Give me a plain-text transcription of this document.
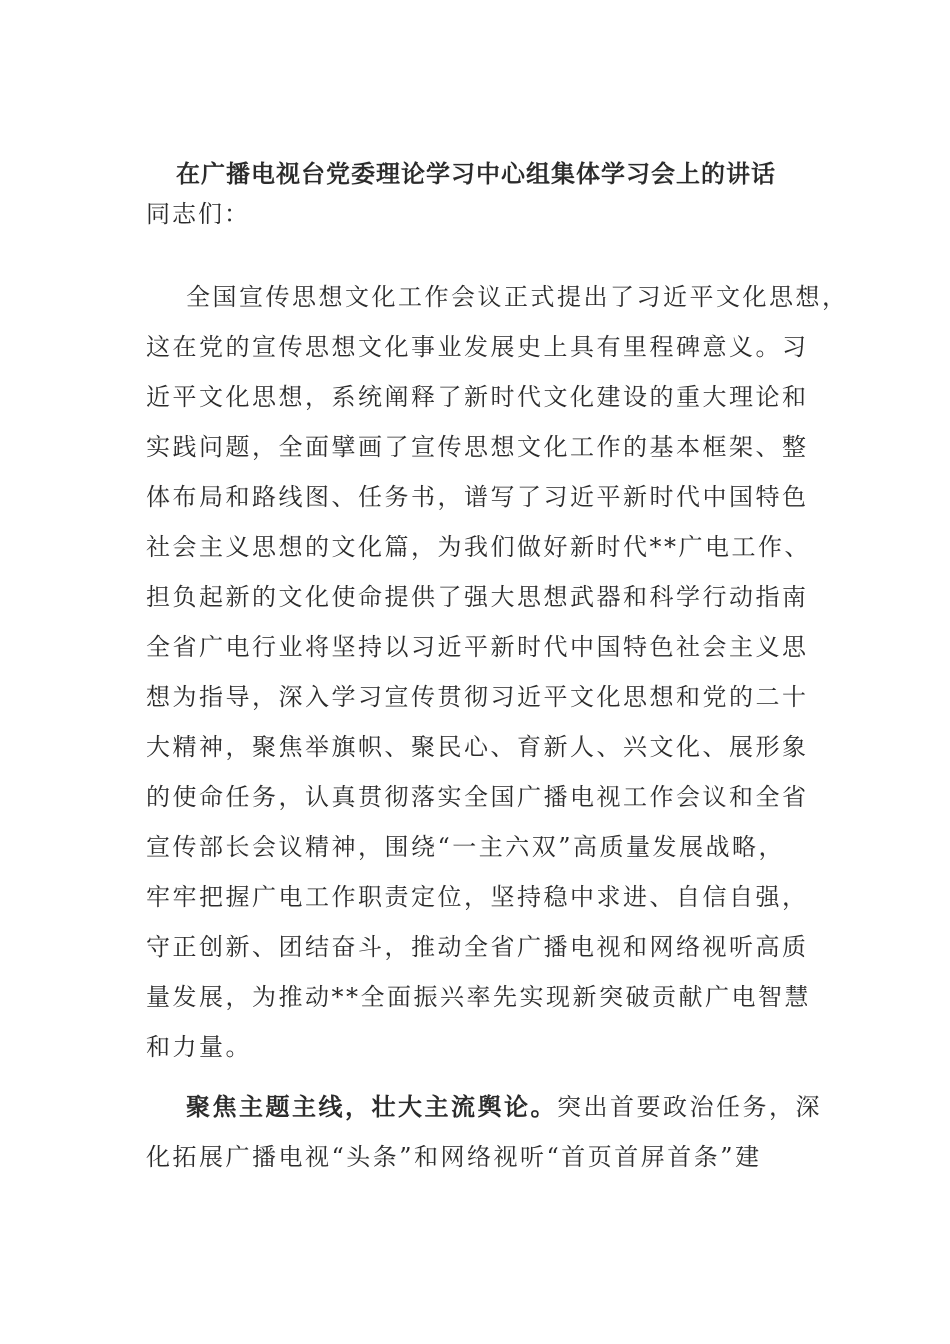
在广播电视台党委理论学习中心组集体学习会上的讲话
同志们：
全国宣传思想文化工作会议正式提出了习近平文化思想，
这在党的宣传思想文化事业发展史上具有里程碑意义。习
近平文化思想，系统阐释了新时代文化建设的重大理论和
实践问题，全面擘画了宣传思想文化工作的基本框架、整
体布局和路线图、任务书，谱写了习近平新时代中国特色
社会主义思想的文化篇，为我们做好新时代**广电工作、
担负起新的文化使命提供了强大思想武器和科学行动指南
全省广电行业将坚持以习近平新时代中国特色社会主义思
想为指导，深入学习宣传贯彻习近平文化思想和党的二十
大精神，聚焦举旗帜、聚民心、育新人、兴文化、展形象
的使命任务，认真贯彻落实全国广播电视工作会议和全省
宣传部长会议精神，围绕“一主六双”高质量发展战略，
牢牢把握广电工作职责定位，坚持稳中求进、自信自强，
守正创新、团结奋斗，推动全省广播电视和网络视听高质
量发展，为推动**全面振兴率先实现新突破贡献广电智慧
和力量。
聚焦主题主线，壮大主流舆论。突出首要政治任务，深
化拓展广播电视“头条”和网络视听“首页首屏首条”建
